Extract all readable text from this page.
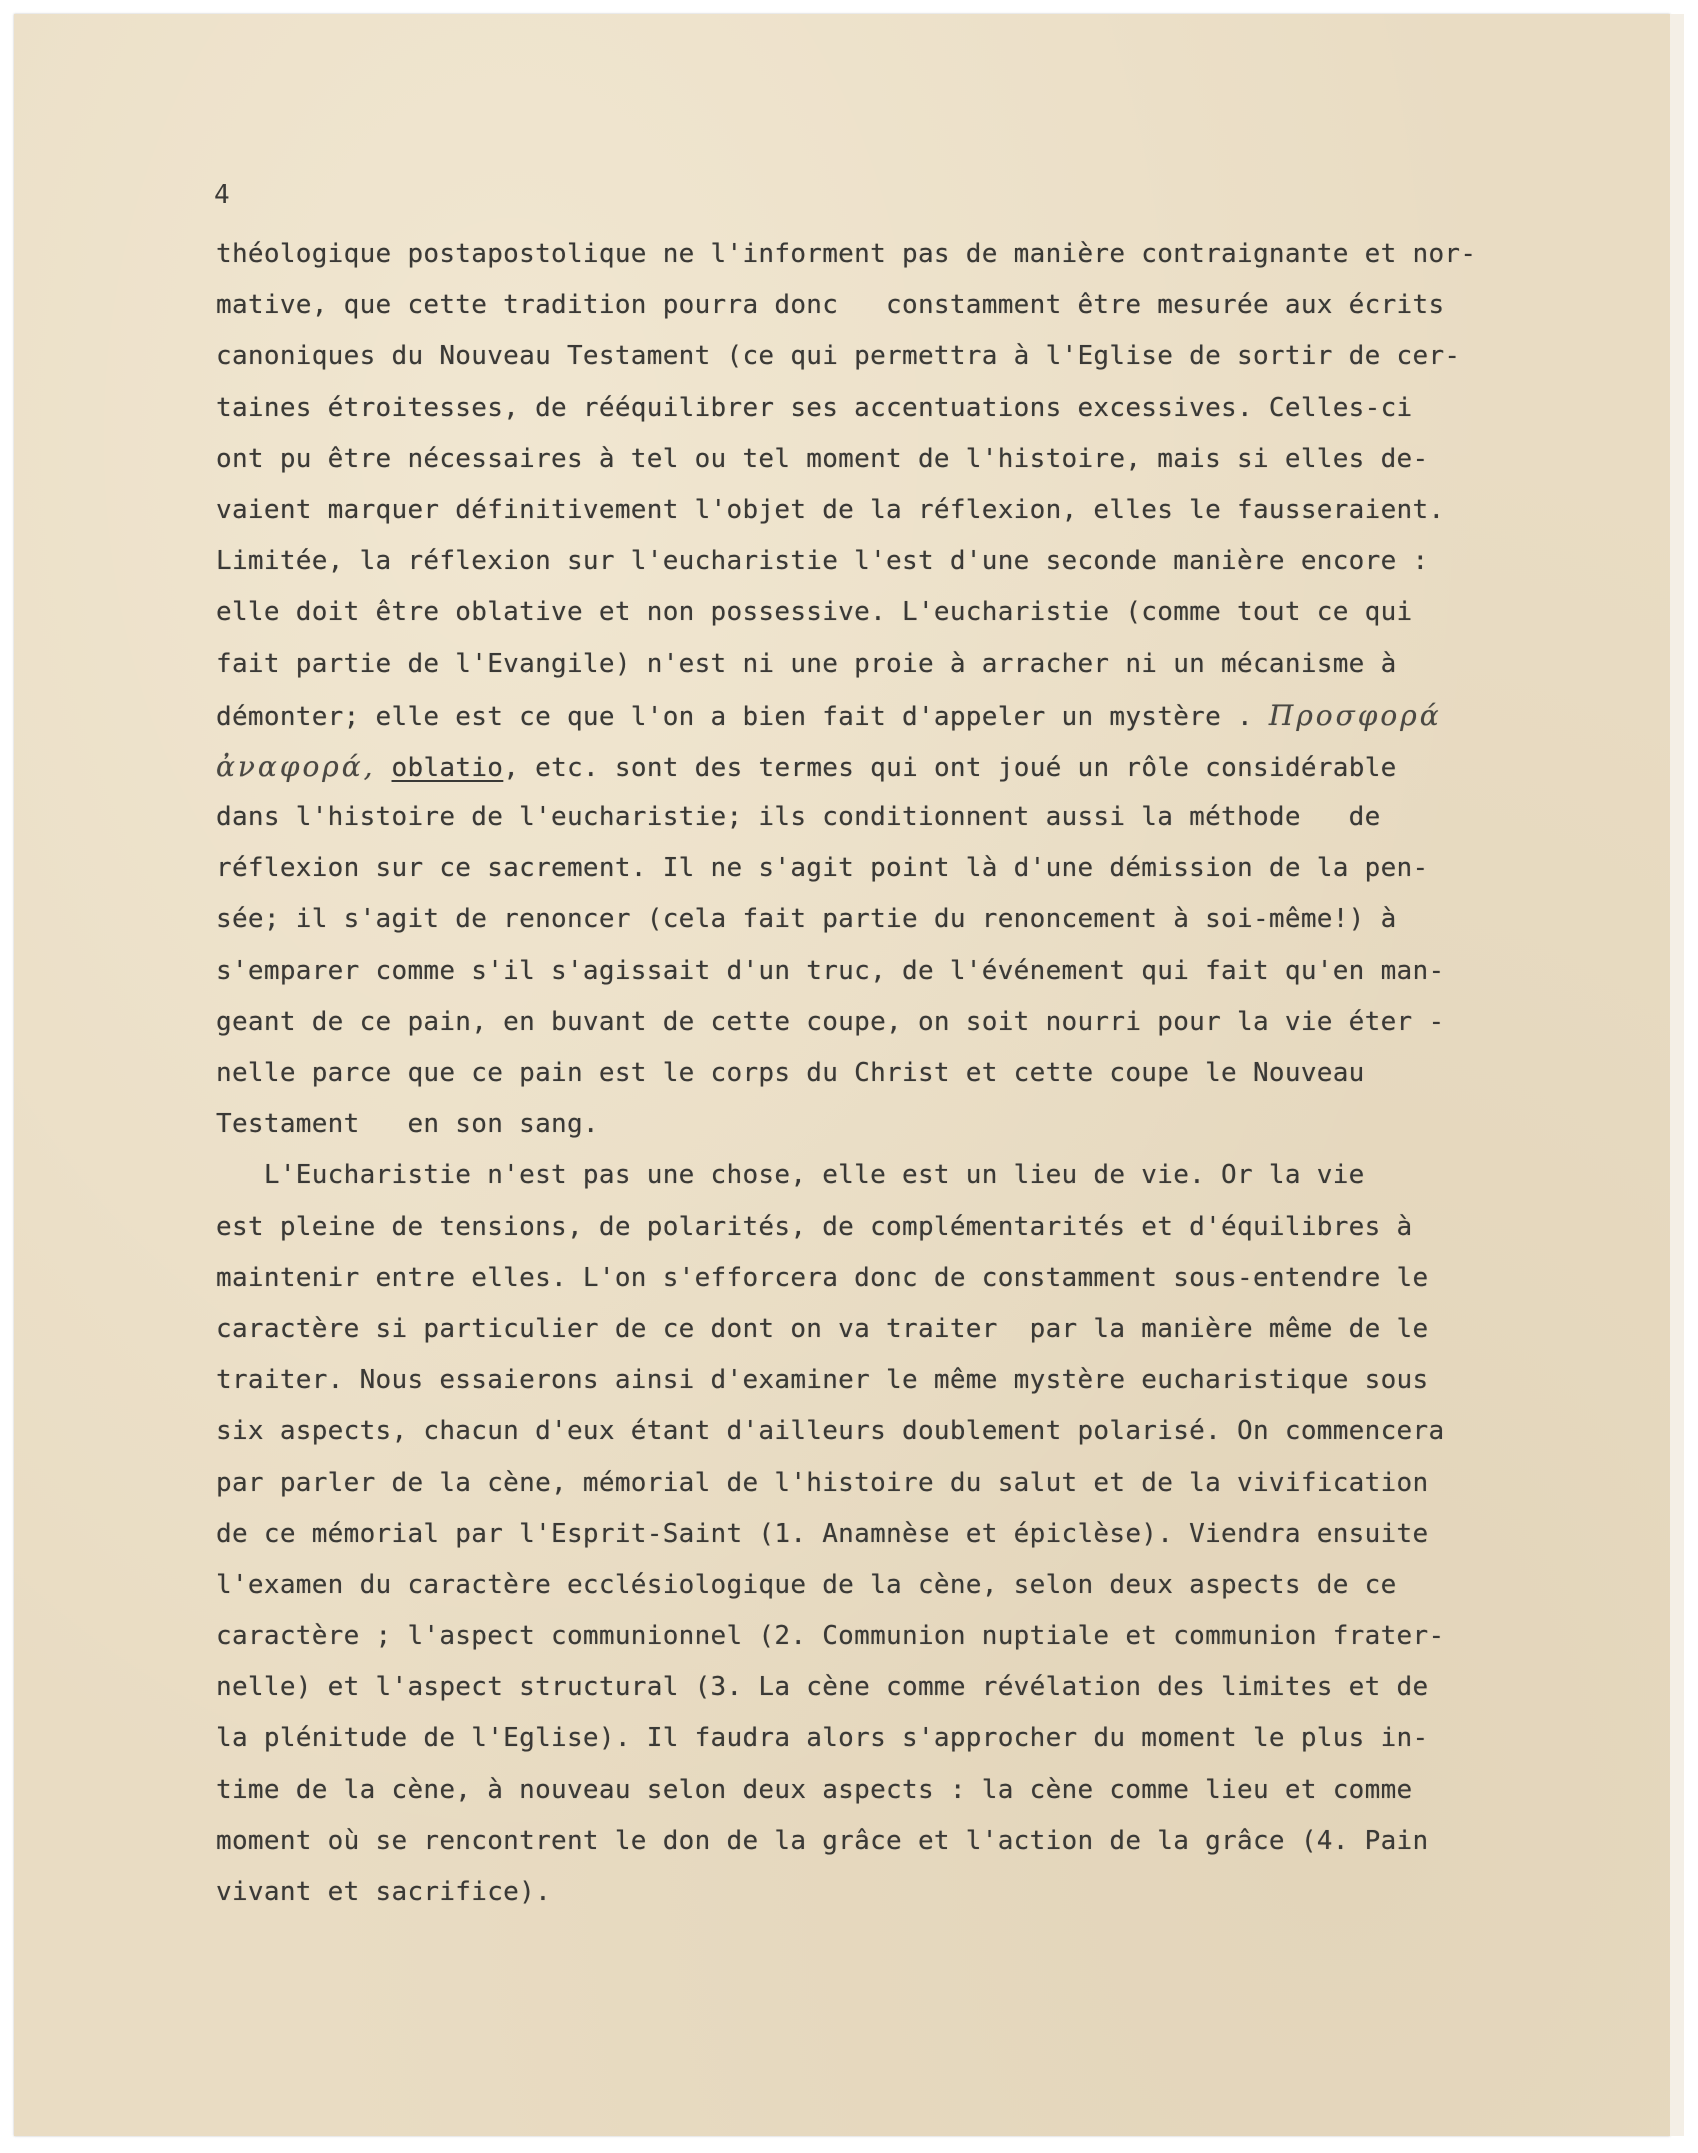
4
théologique postapostolique ne l'informent pas de manière contraignante et nor-
mative, que cette tradition pourra donc   constamment être mesurée aux écrits
canoniques du Nouveau Testament (ce qui permettra à l'Eglise de sortir de cer-
taines étroitesses, de rééquilibrer ses accentuations excessives. Celles-ci
ont pu être nécessaires à tel ou tel moment de l'histoire, mais si elles de-
vaient marquer définitivement l'objet de la réflexion, elles le fausseraient.
Limitée, la réflexion sur l'eucharistie l'est d'une seconde manière encore :
elle doit être oblative et non possessive. L'eucharistie (comme tout ce qui
fait partie de l'Evangile) n'est ni une proie à arracher ni un mécanisme à
démonter; elle est ce que l'on a bien fait d'appeler un mystère . Προσφορά
ἀναφορά, oblatio, etc. sont des termes qui ont joué un rôle considérable
dans l'histoire de l'eucharistie; ils conditionnent aussi la méthode   de
réflexion sur ce sacrement. Il ne s'agit point là d'une démission de la pen-
sée; il s'agit de renoncer (cela fait partie du renoncement à soi-même!) à
s'emparer comme s'il s'agissait d'un truc, de l'événement qui fait qu'en man-
geant de ce pain, en buvant de cette coupe, on soit nourri pour la vie éter -
nelle parce que ce pain est le corps du Christ et cette coupe le Nouveau
Testament   en son sang.
L'Eucharistie n'est pas une chose, elle est un lieu de vie. Or la vie
est pleine de tensions, de polarités, de complémentarités et d'équilibres à
maintenir entre elles. L'on s'efforcera donc de constamment sous-entendre le
caractère si particulier de ce dont on va traiter  par la manière même de le
traiter. Nous essaierons ainsi d'examiner le même mystère eucharistique sous
six aspects, chacun d'eux étant d'ailleurs doublement polarisé. On commencera
par parler de la cène, mémorial de l'histoire du salut et de la vivification
de ce mémorial par l'Esprit-Saint (1. Anamnèse et épiclèse). Viendra ensuite
l'examen du caractère ecclésiologique de la cène, selon deux aspects de ce
caractère ; l'aspect communionnel (2. Communion nuptiale et communion frater-
nelle) et l'aspect structural (3. La cène comme révélation des limites et de
la plénitude de l'Eglise). Il faudra alors s'approcher du moment le plus in-
time de la cène, à nouveau selon deux aspects : la cène comme lieu et comme
moment où se rencontrent le don de la grâce et l'action de la grâce (4. Pain
vivant et sacrifice).
